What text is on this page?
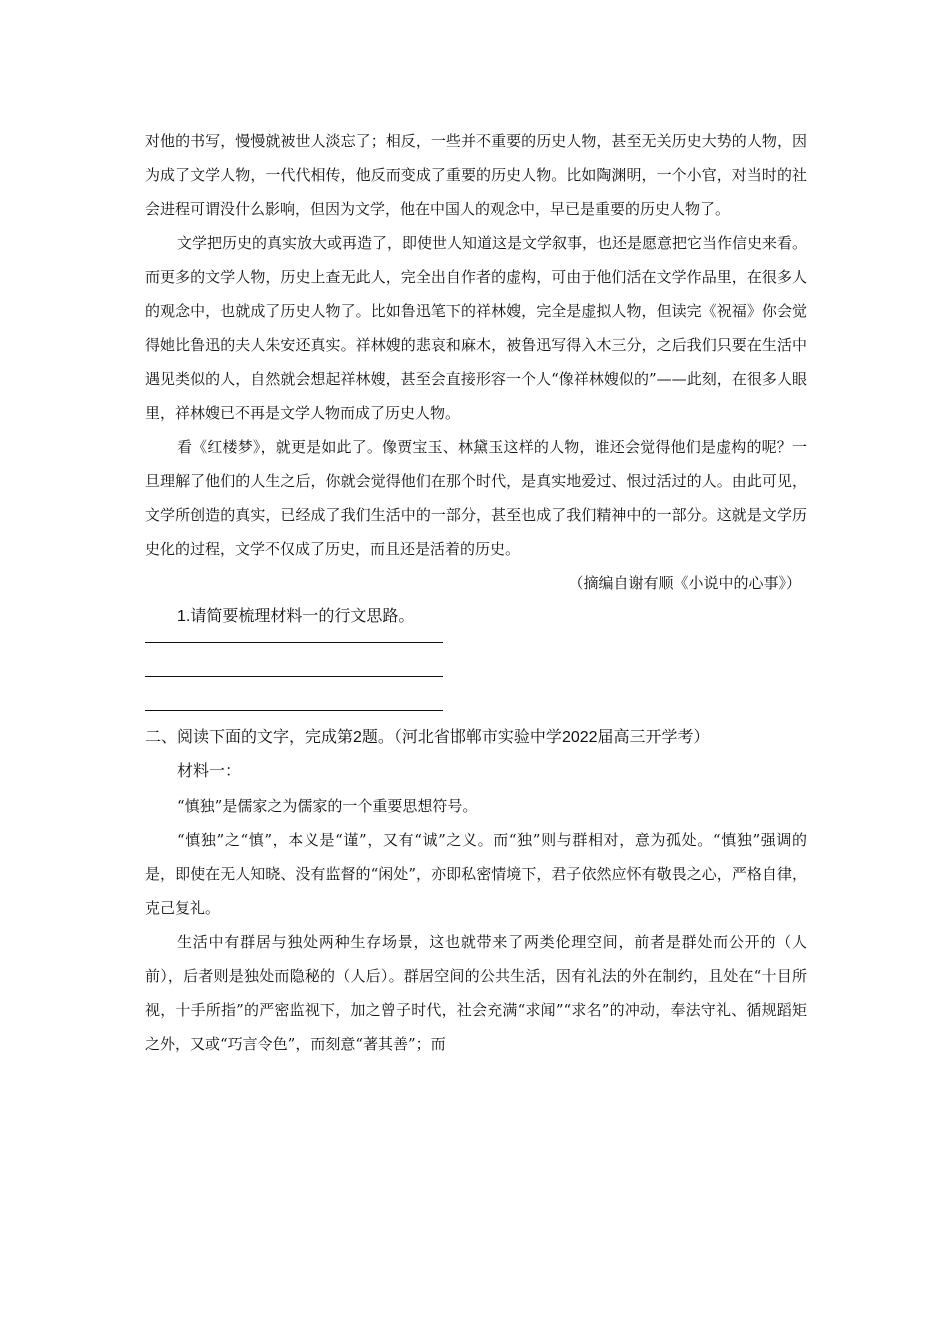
对他的书写，慢慢就被世人淡忘了；相反，一些并不重要的历史人物，甚至无关历史大势的人物，因为成了文学人物，一代代相传，他反而变成了重要的历史人物。比如陶渊明，一个小官，对当时的社会进程可谓没什么影响，但因为文学，他在中国人的观念中，早已是重要的历史人物了。

文学把历史的真实放大或再造了，即使世人知道这是文学叙事，也还是愿意把它当作信史来看。而更多的文学人物，历史上查无此人，完全出自作者的虚构，可由于他们活在文学作品里，在很多人的观念中，也就成了历史人物了。比如鲁迅笔下的祥林嫂，完全是虚拟人物，但读完《祝福》你会觉得她比鲁迅的夫人朱安还真实。祥林嫂的悲哀和麻木，被鲁迅写得入木三分，之后我们只要在生活中遇见类似的人，自然就会想起祥林嫂，甚至会直接形容一个人“像祥林嫂似的”——此刻，在很多人眼里，祥林嫂已不再是文学人物而成了历史人物。

看《红楼梦》，就更是如此了。像贾宝玉、林黛玉这样的人物，谁还会觉得他们是虚构的呢？一旦理解了他们的人生之后，你就会觉得他们在那个时代，是真实地爱过、恨过活过的人。由此可见，文学所创造的真实，已经成了我们生活中的一部分，甚至也成了我们精神中的一部分。这就是文学历史化的过程，文学不仅成了历史，而且还是活着的历史。

（摘编自谢有顺《小说中的心事》）

1.请简要梳理材料一的行文思路。

二、阅读下面的文字，完成第2题。（河北省邯郸市实验中学2022届高三开学考）

材料一：

“慎独”是儒家之为儒家的一个重要思想符号。

“慎独”之“慎”，本义是“谨”，又有“诚”之义。而“独”则与群相对，意为孤处。“慎独”强调的是，即使在无人知晓、没有监督的“闲处”，亦即私密情境下，君子依然应怀有敬畏之心，严格自律，克己复礼。

生活中有群居与独处两种生存场景，这也就带来了两类伦理空间，前者是群处而公开的（人前），后者则是独处而隐秘的（人后）。群居空间的公共生活，因有礼法的外在制约，且处在“十目所视，十手所指”的严密监视下，加之曾子时代，社会充满“求闻”“求名”的冲动，奉法守礼、循规蹈矩之外，又或“巧言令色”，而刻意“著其善”；而
